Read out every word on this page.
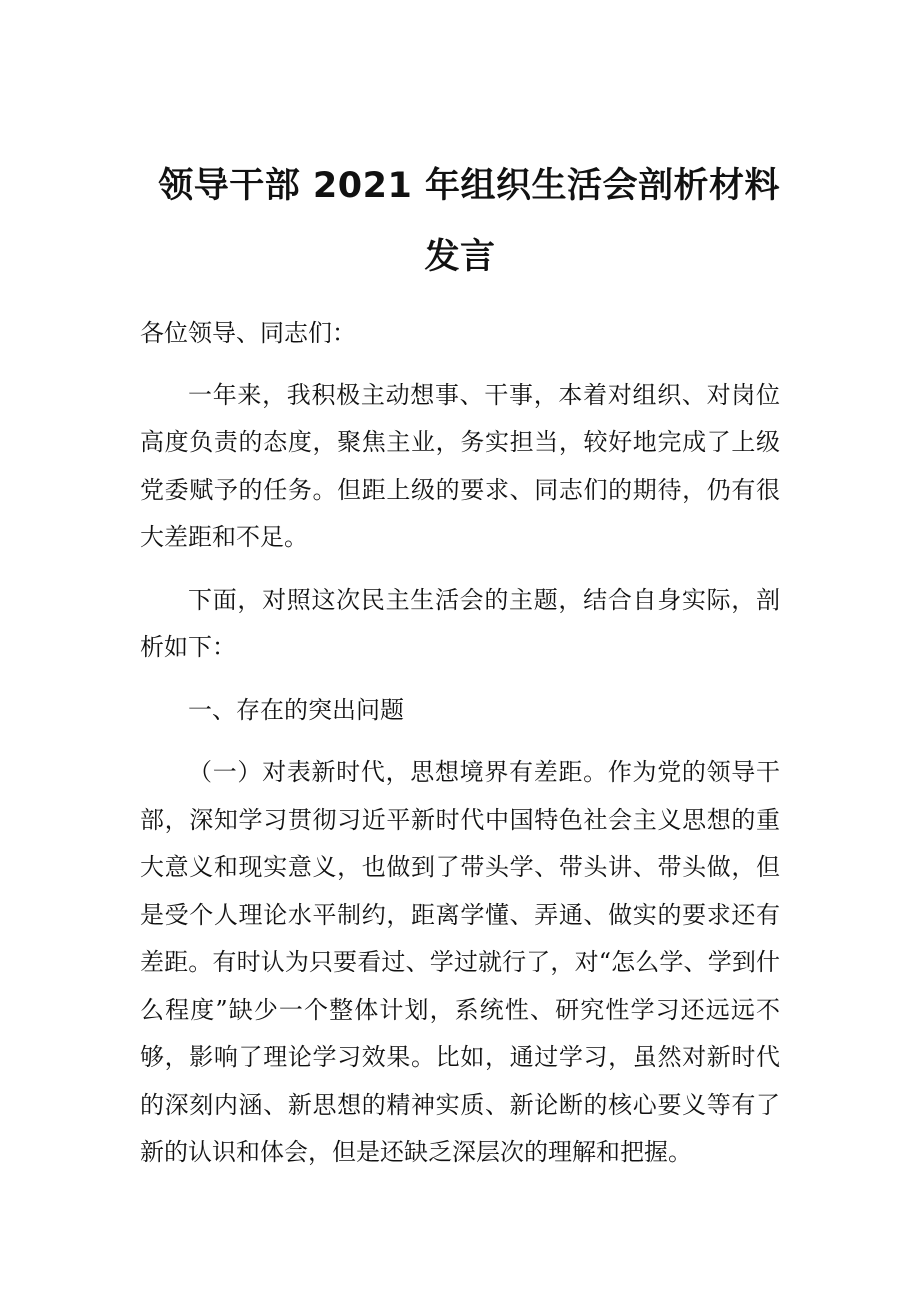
领导干部 2021 年组织生活会剖析材料
发言

各位领导、同志们：

一年来，我积极主动想事、干事，本着对组织、对岗位高度负责的态度，聚焦主业，务实担当，较好地完成了上级党委赋予的任务。但距上级的要求、同志们的期待，仍有很大差距和不足。

下面，对照这次民主生活会的主题，结合自身实际，剖析如下：

一、存在的突出问题

（一）对表新时代，思想境界有差距。作为党的领导干部，深知学习贯彻习近平新时代中国特色社会主义思想的重大意义和现实意义，也做到了带头学、带头讲、带头做，但是受个人理论水平制约，距离学懂、弄通、做实的要求还有差距。有时认为只要看过、学过就行了，对“怎么学、学到什么程度”缺少一个整体计划，系统性、研究性学习还远远不够，影响了理论学习效果。比如，通过学习，虽然对新时代的深刻内涵、新思想的精神实质、新论断的核心要义等有了新的认识和体会，但是还缺乏深层次的理解和把握。
